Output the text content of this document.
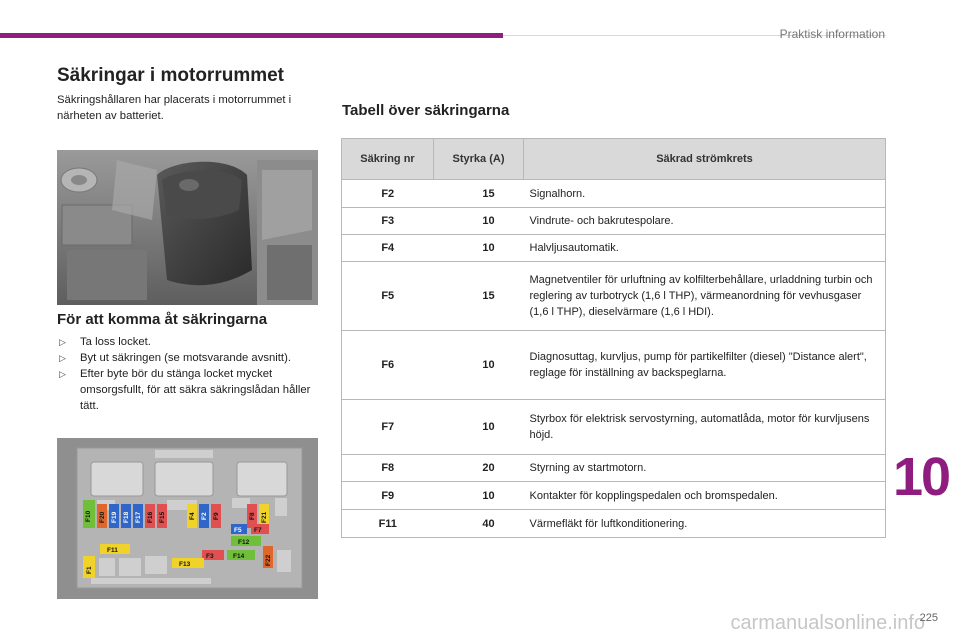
Praktisk information
Säkringar i motorrummet

Säkringshållaren har placerats i motorrummet i närheten av batteriet.

För att komma åt säkringarna
▷ Ta loss locket.
▷ Byt ut säkringen (se motsvarande avsnitt).
▷ Efter byte bör du stänga locket mycket omsorgsfullt, för att säkra säkringslådan håller tätt.
F10 F20 F19 F18 F17 F16 F15	F4 F2 F9	F8 F21
F5 F7
F12
F11
F3	F14
F1
F13	F22
Tabell över säkringarna
Säkring nr	Styrka (A)	Säkrad strömkrets
F2	15	Signalhorn.
F3	10	Vindrute- och bakrutespolare.
F4	10	Halvljusautomatik.
F5	15	Magnetventiler för urluftning av kolfilterbehållare, urladdning turbin och reglering av turbotryck (1,6 l THP), värmeanordning för vevhusgaser (1,6 l THP), dieselvärmare (1,6 l HDI).
F6	10	Diagnosuttag, kurvljus, pump för partikelfilter (diesel) "Distance alert", reglage för inställning av backspeglarna.
F7	10	Styrbox för elektrisk servostyrning, automatlåda, motor för kurvljusens höjd.
F8	20	Styrning av startmotorn.
F9	10	Kontakter för kopplingspedalen och bromspedalen.
F11	40	Värmefläkt för luftkonditionering.
10
carmanualsonline.info
225
